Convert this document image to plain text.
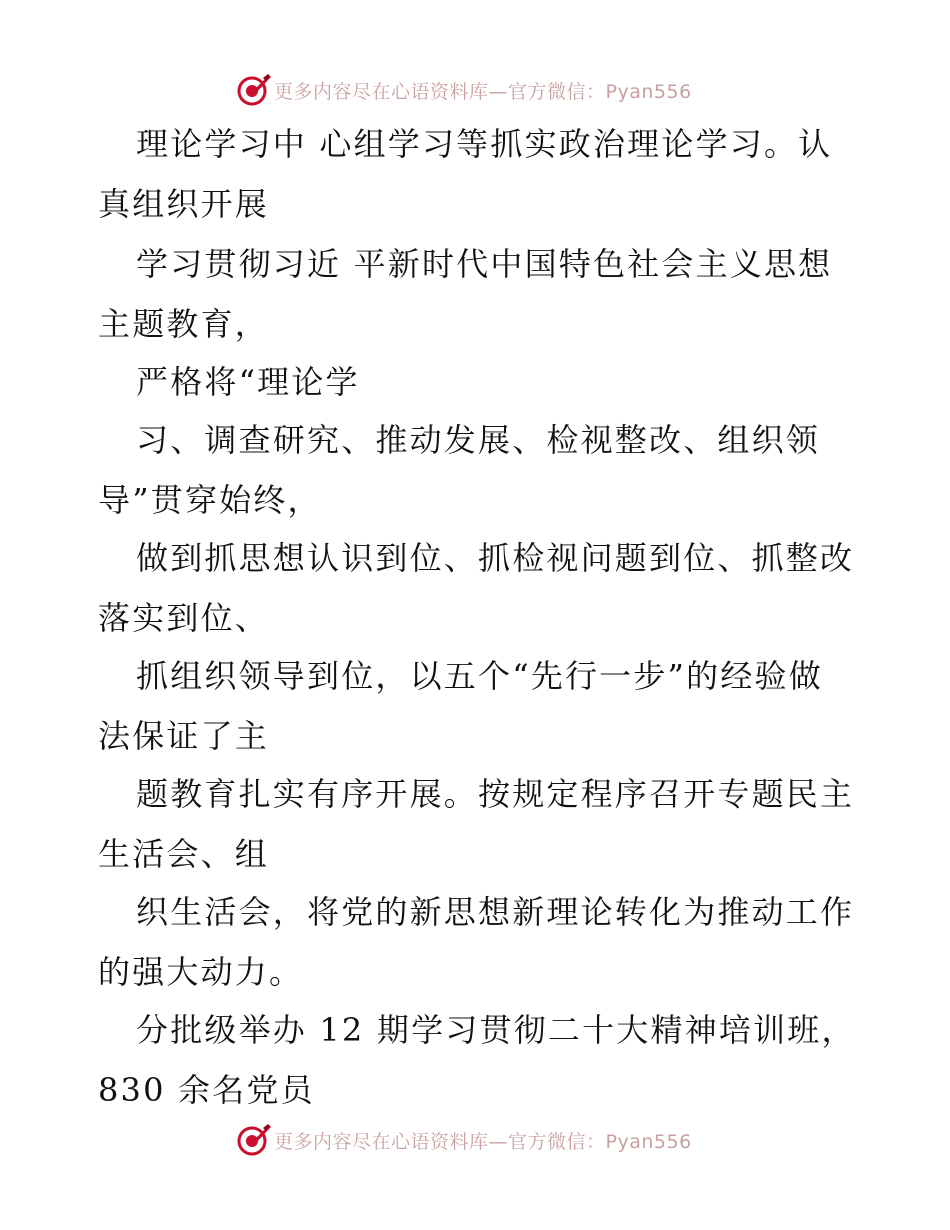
更多内容尽在心语资料库—官方微信：Pyan556
理论学习中 心组学习等抓实政治理论学习。认
真组织开展
学习贯彻习近 平新时代中国特色社会主义思想
主题教育，
严格将“理论学
习、调查研究、推动发展、检视整改、组织领
导”贯穿始终，
做到抓思想认识到位、抓检视问题到位、抓整改
落实到位、
抓组织领导到位，以五个“先行一步”的经验做
法保证了主
题教育扎实有序开展。按规定程序召开专题民主
生活会、组
织生活会，将党的新思想新理论转化为推动工作
的强大动力。
分批级举办 12 期学习贯彻二十大精神培训班，
830 余名党员
更多内容尽在心语资料库—官方微信：Pyan556
